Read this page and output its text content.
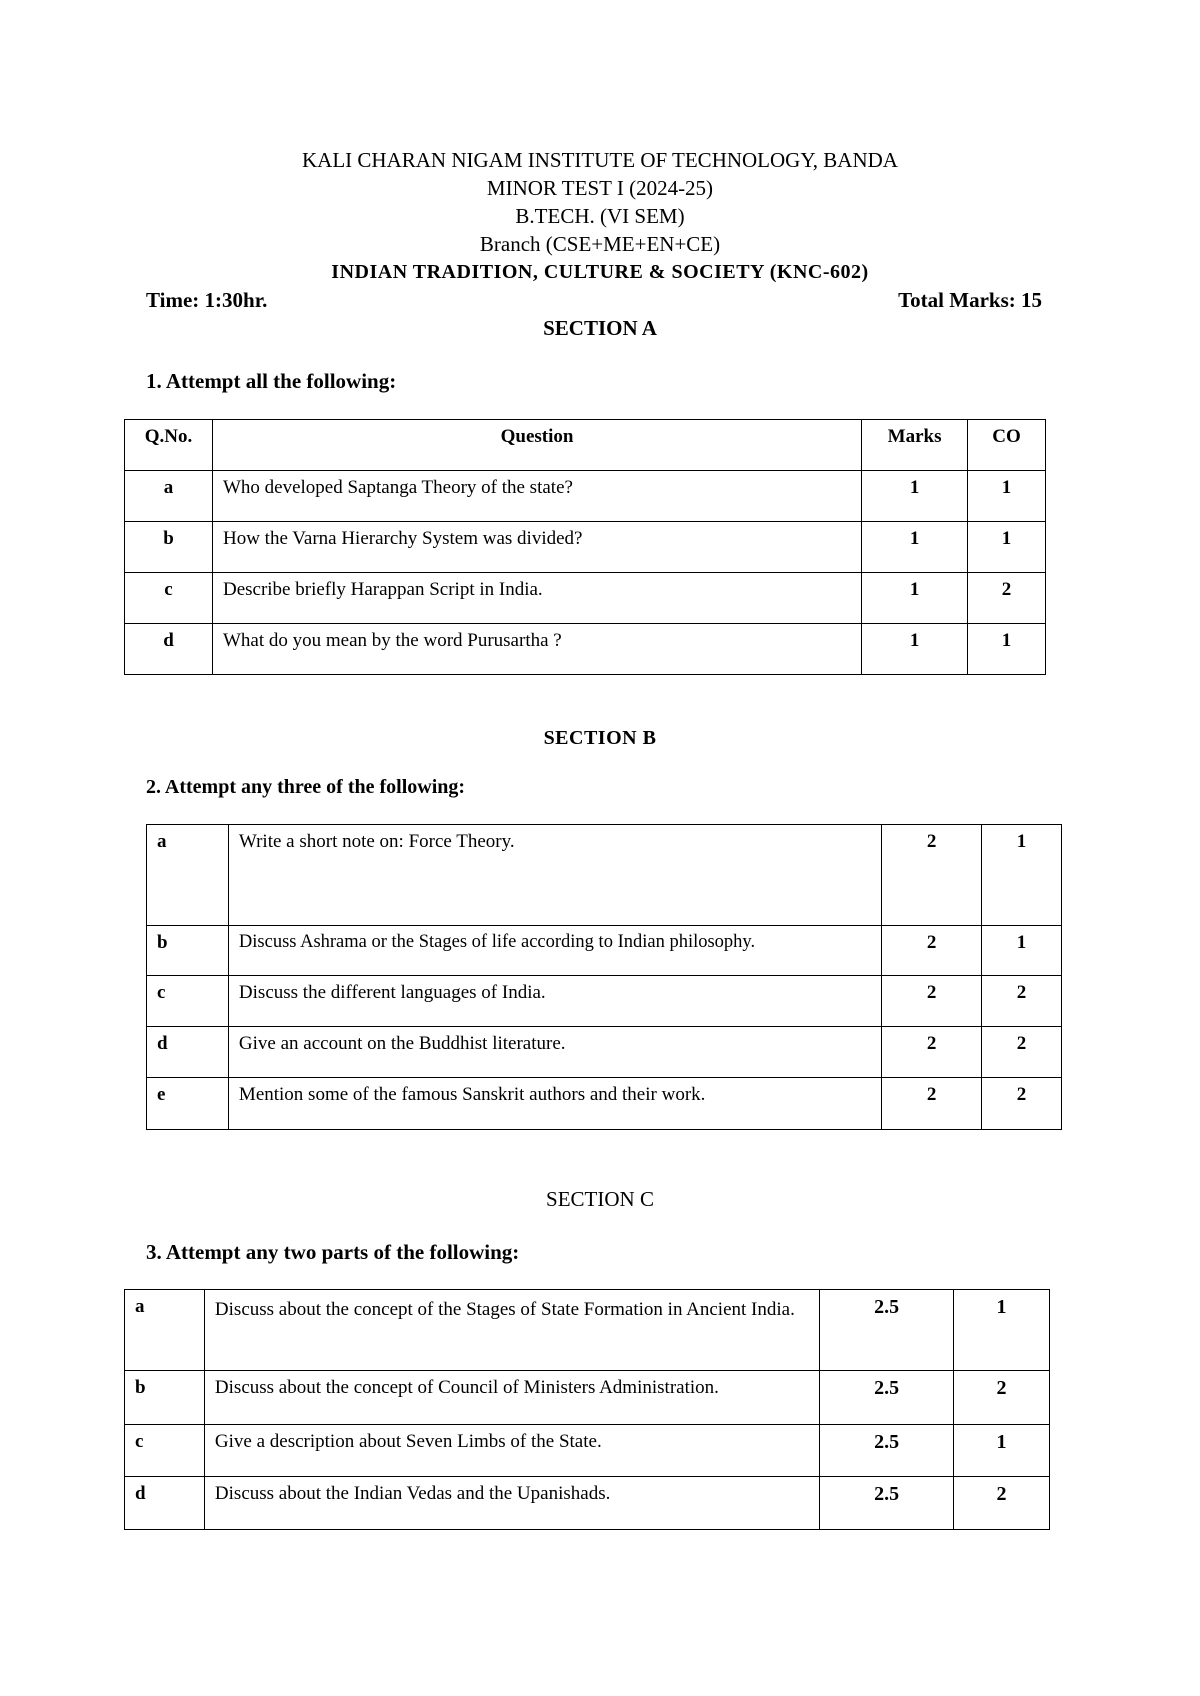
KALI CHARAN NIGAM INSTITUTE OF TECHNOLOGY, BANDA
MINOR TEST I (2024-25)
B.TECH. (VI SEM)
Branch (CSE+ME+EN+CE)
INDIAN TRADITION, CULTURE & SOCIETY (KNC-602)
Time: 1:30hr.	Total Marks: 15
SECTION A
1. Attempt all the following:
Q.No.	Question	Marks	CO
a	Who developed Saptanga Theory of the state?	1	1
b	How the Varna Hierarchy System was divided?	1	1
c	Describe briefly Harappan Script in India.	1	2
d	What do you mean by the word Purusartha ?	1	1
SECTION B
2. Attempt any three of the following:
a	Write a short note on: Force Theory.	2	1
b	Discuss Ashrama or the Stages of life according to Indian philosophy.	2	1
c	Discuss the different languages of India.	2	2
d	Give an account on the Buddhist literature.	2	2
e	Mention some of the famous Sanskrit authors and their work.	2	2
SECTION C
3. Attempt any two parts of the following:
a	Discuss about the concept of the Stages of State Formation in Ancient India.	2.5	1
b	Discuss about the concept of Council of Ministers Administration.	2.5	2
c	Give a description about Seven Limbs of the State.	2.5	1
d	Discuss about the Indian Vedas and the Upanishads.	2.5	2
